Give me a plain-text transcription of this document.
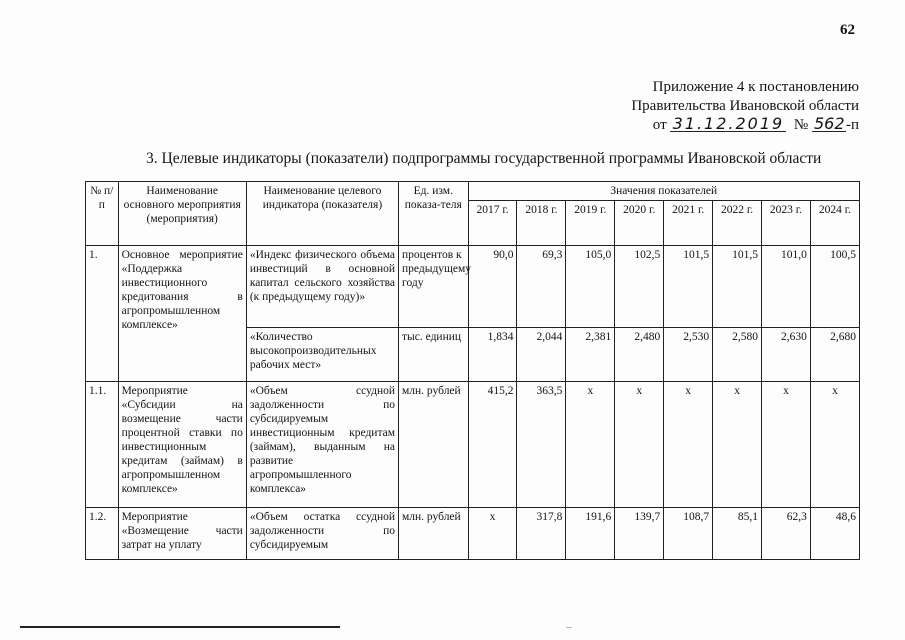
62
Приложение 4 к постановлению
Правительства Ивановской области
от 31.12.2019 № 562-п
3. Целевые индикаторы (показатели) подпрограммы государственной программы Ивановской области
№ п/п	Наименование основного мероприятия (мероприятия)	Наименование целевого индикатора (показателя)	Ед. изм. показа-теля	Значения показателей							
				2017 г.	2018 г.	2019 г.	2020 г.	2021 г.	2022 г.	2023 г.	2024 г.
1.	Основное мероприятие «Поддержка инвестиционного кредитования в агропромышленном комплексе»	«Индекс физического объема инвестиций в основной капитал сельского хозяйства (к предыдущему году)»	процентов к предыдущему году	90,0	69,3	105,0	102,5	101,5	101,5	101,0	100,5
		«Количество высокопроизводительных рабочих мест»	тыс. единиц	1,834	2,044	2,381	2,480	2,530	2,580	2,630	2,680
1.1.	Мероприятие «Субсидии на возмещение части процентной ставки по инвестиционным кредитам (займам) в агропромышленном комплексе»	«Объем ссудной задолженности по субсидируемым инвестиционным кредитам (займам), выданным на развитие агропромышленного комплекса»	млн. рублей	415,2	363,5	x	x	x	x	x	x
1.2.	Мероприятие «Возмещение части затрат на уплату	«Объем остатка ссудной задолженности по субсидируемым	млн. рублей	x	317,8	191,6	139,7	108,7	85,1	62,3	48,6
